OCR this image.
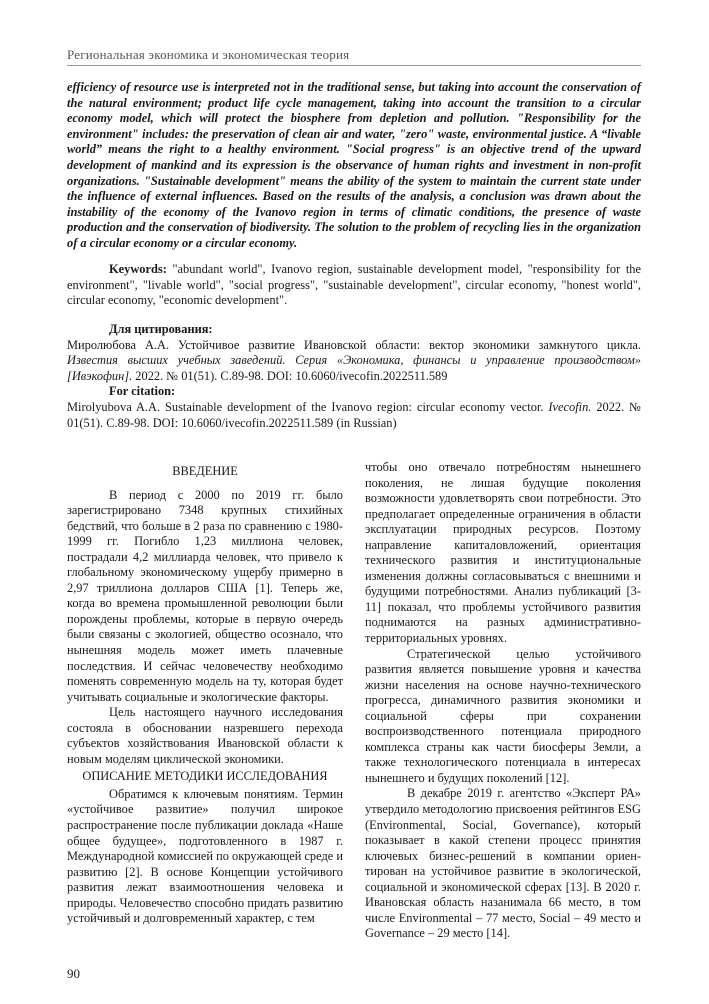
Региональная экономика и экономическая теория
efficiency of resource use is interpreted not in the traditional sense, but taking into account the conservation of the natural environment; product life cycle management, taking into account the transition to a circular economy model, which will protect the biosphere from depletion and pollution. "Responsibility for the environment" includes: the preservation of clean air and water, "zero" waste, environmental justice. A “livable world” means the right to a healthy environment. "Social progress" is an objective trend of the upward development of mankind and its expression is the observance of human rights and investment in non-profit organizations. "Sustainable development" means the ability of the system to maintain the current state under the influence of external influences. Based on the results of the analysis, a conclusion was drawn about the instability of the economy of the Ivanovo region in terms of climatic conditions, the presence of waste production and the conservation of biodiversity. The solution to the problem of recycling lies in the organization of a circular economy or a circular economy.
Keywords: "abundant world", Ivanovo region, sustainable development model, "responsibility for the environment", "livable world", "social progress", "sustainable development", circular economy, "honest world", circular economy, "economic development".
Для цитирования:
Миролюбова А.А. Устойчивое развитие Ивановской области: вектор экономики замкнутого цикла. Известия высших учебных заведений. Серия «Экономика, финансы и управление производством» [Ивэкофин]. 2022. № 01(51). С.89-98. DOI: 10.6060/ivecofin.2022511.589
For citation:
Mirolyubova A.A. Sustainable development of the Ivanovo region: circular economy vector. Ivecofin. 2022. № 01(51). С.89-98. DOI: 10.6060/ivecofin.2022511.589 (in Russian)
ВВЕДЕНИЕ

В период с 2000 по 2019 гг. было зарегистрировано 7348 крупных стихийных бедствий, что больше в 2 раза по сравнению с 1980-1999 гг. Погибло 1,23 миллиона человек, пострадали 4,2 миллиарда человек, что привело к глобальному экономическому ущербу примерно в 2,97 триллиона долларов США [1]. Теперь же, когда во времена промышленной революции были порождены проблемы, которые в первую очередь были связаны с экологией, общество осознало, что нынешняя модель может иметь плачевные последствия. И сейчас человечеству необходимо поменять современную модель на ту, которая будет учитывать социальные и экологические факторы.

Цель настоящего научного исследования состояла в обосновании назревшего перехода субъектов хозяйствования Ивановской области к новым моделям циклической экономики.

ОПИСАНИЕ МЕТОДИКИ ИССЛЕДОВАНИЯ

Обратимся к ключевым понятиям. Термин «устойчивое развитие» получил широкое распространение после публикации доклада «Наше общее будущее», подготовленного в 1987 г. Международной комиссией по окружающей среде и развитию [2]. В основе Концепции устойчивого развития лежат взаимоотношения человека и природы. Человечество способно придать развитию устойчивый и долговременный характер, с тем

чтобы оно отвечало потребностям нынешнего поколения, не лишая будущие поколения возможности удовлетворять свои потребности. Это предполагает определенные ограничения в области эксплуатации природных ресурсов. Поэтому направление капиталовложений, ориентация технического развития и институциональные изменения должны согласовываться с внешними и будущими потребностями. Анализ публикаций [3-11] показал, что проблемы устойчивого развития поднимаются на разных административно-территориальных уровнях.

Стратегической целью устойчивого развития является повышение уровня и качества жизни населения на основе научно-технического прогресса, динамичного развития экономики и социальной сферы при сохранении воспроизводственного потенциала природного комплекса страны как части биосферы Земли, а также технологического потенциала в интересах нынешнего и будущих поколений [12].

В декабре 2019 г. агентство «Эксперт РА» утвердило методологию присвоения рейтингов ESG (Environmental, Social, Governance), который показывает в какой степени процесс принятия ключевых бизнес-решений в компании ориен-тирован на устойчивое развитие в экологической, социальной и экономической сферах [13]. В 2020 г. Ивановская область назанимала 66 место, в том числе Environmental – 77 место, Social – 49 место и Governance – 29 место [14].

90
